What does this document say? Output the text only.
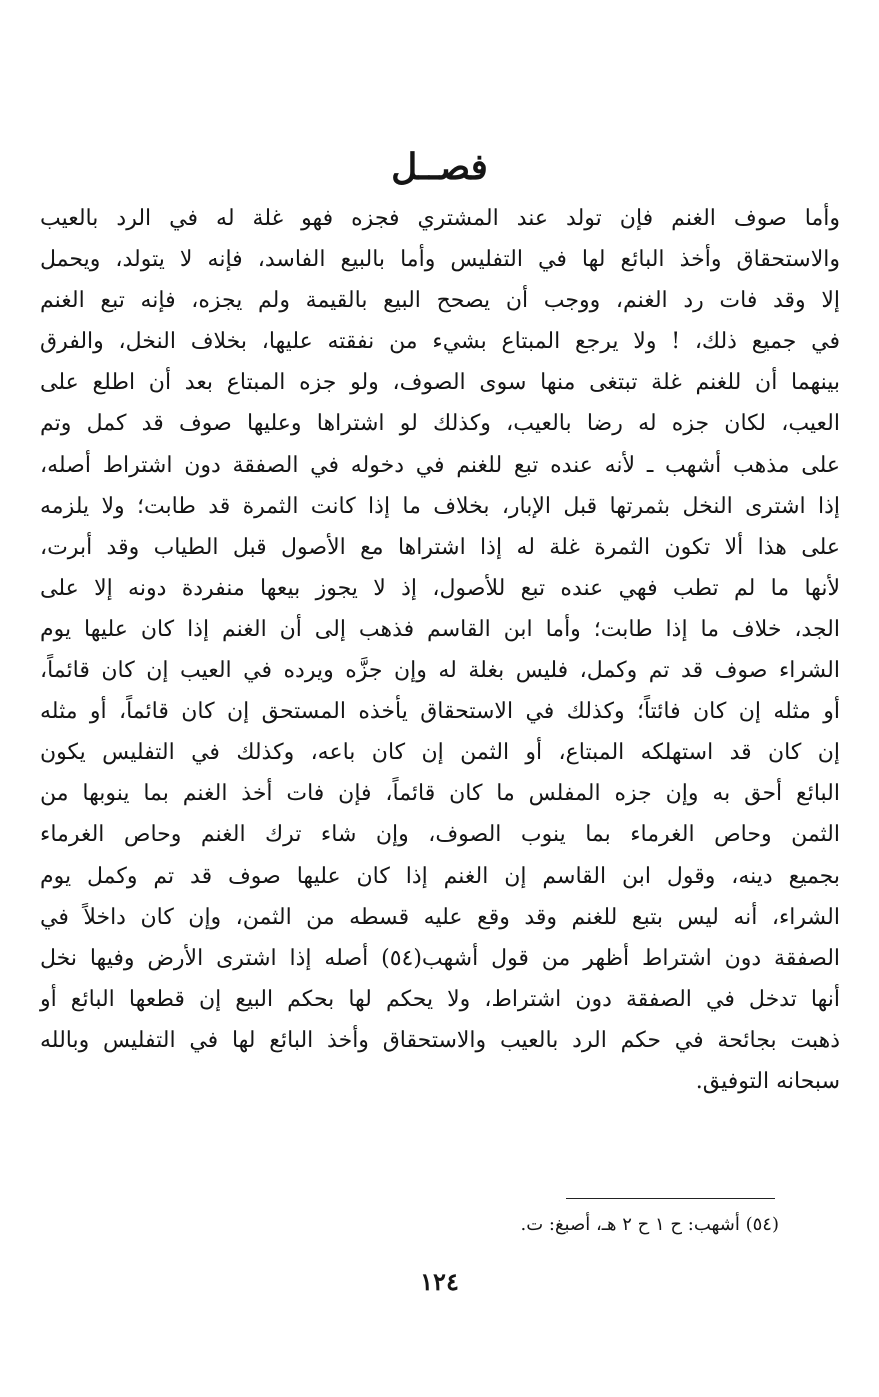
فصــل
وأما صوف الغنم فإن تولد عند المشتري فجزه فهو غلة له في الرد بالعيب
والاستحقاق وأخذ البائع لها في التفليس وأما بالبيع الفاسد، فإنه لا يتولد، ويحمل
إلا وقد فات رد الغنم، ووجب أن يصحح البيع بالقيمة ولم يجزه، فإنه تبع الغنم
في جميع ذلك، ! ولا يرجع المبتاع بشيء من نفقته عليها، بخلاف النخل، والفرق
بينهما أن للغنم غلة تبتغى منها سوى الصوف، ولو جزه المبتاع بعد أن اطلع على
العيب، لكان جزه له رضا بالعيب، وكذلك لو اشتراها وعليها صوف قد كمل وتم
على مذهب أشهب ـ لأنه عنده تبع للغنم في دخوله في الصفقة دون اشتراط أصله،
إذا اشترى النخل بثمرتها قبل الإبار، بخلاف ما إذا كانت الثمرة قد طابت؛ ولا يلزمه
على هذا ألا تكون الثمرة غلة له إذا اشتراها مع الأصول قبل الطياب وقد أبرت،
لأنها ما لم تطب فهي عنده تبع للأصول، إذ لا يجوز بيعها منفردة دونه إلا على
الجد، خلاف ما إذا طابت؛ وأما ابن القاسم فذهب إلى أن الغنم إذا كان عليها يوم
الشراء صوف قد تم وكمل، فليس بغلة له وإن جزَّه ويرده في العيب إن كان قائماً،
أو مثله إن كان فائتاً؛ وكذلك في الاستحقاق يأخذه المستحق إن كان قائماً، أو مثله
إن كان قد استهلكه المبتاع، أو الثمن إن كان باعه، وكذلك في التفليس يكون
البائع أحق به وإن جزه المفلس ما كان قائماً، فإن فات أخذ الغنم بما ينوبها من
الثمن وحاص الغرماء بما ينوب الصوف، وإن شاء ترك الغنم وحاص الغرماء
بجميع دينه، وقول ابن القاسم إن الغنم إذا كان عليها صوف قد تم وكمل يوم
الشراء، أنه ليس بتبع للغنم وقد وقع عليه قسطه من الثمن، وإن كان داخلاً في
الصفقة دون اشتراط أظهر من قول أشهب(٥٤) أصله إذا اشترى الأرض وفيها نخل
أنها تدخل في الصفقة دون اشتراط، ولا يحكم لها بحكم البيع إن قطعها البائع أو
ذهبت بجائحة في حكم الرد بالعيب والاستحقاق وأخذ البائع لها في التفليس وبالله
سبحانه التوفيق.

(٥٤) أشهب: ح ١ ح ٢ هـ، أصبغ: ت.

١٢٤
